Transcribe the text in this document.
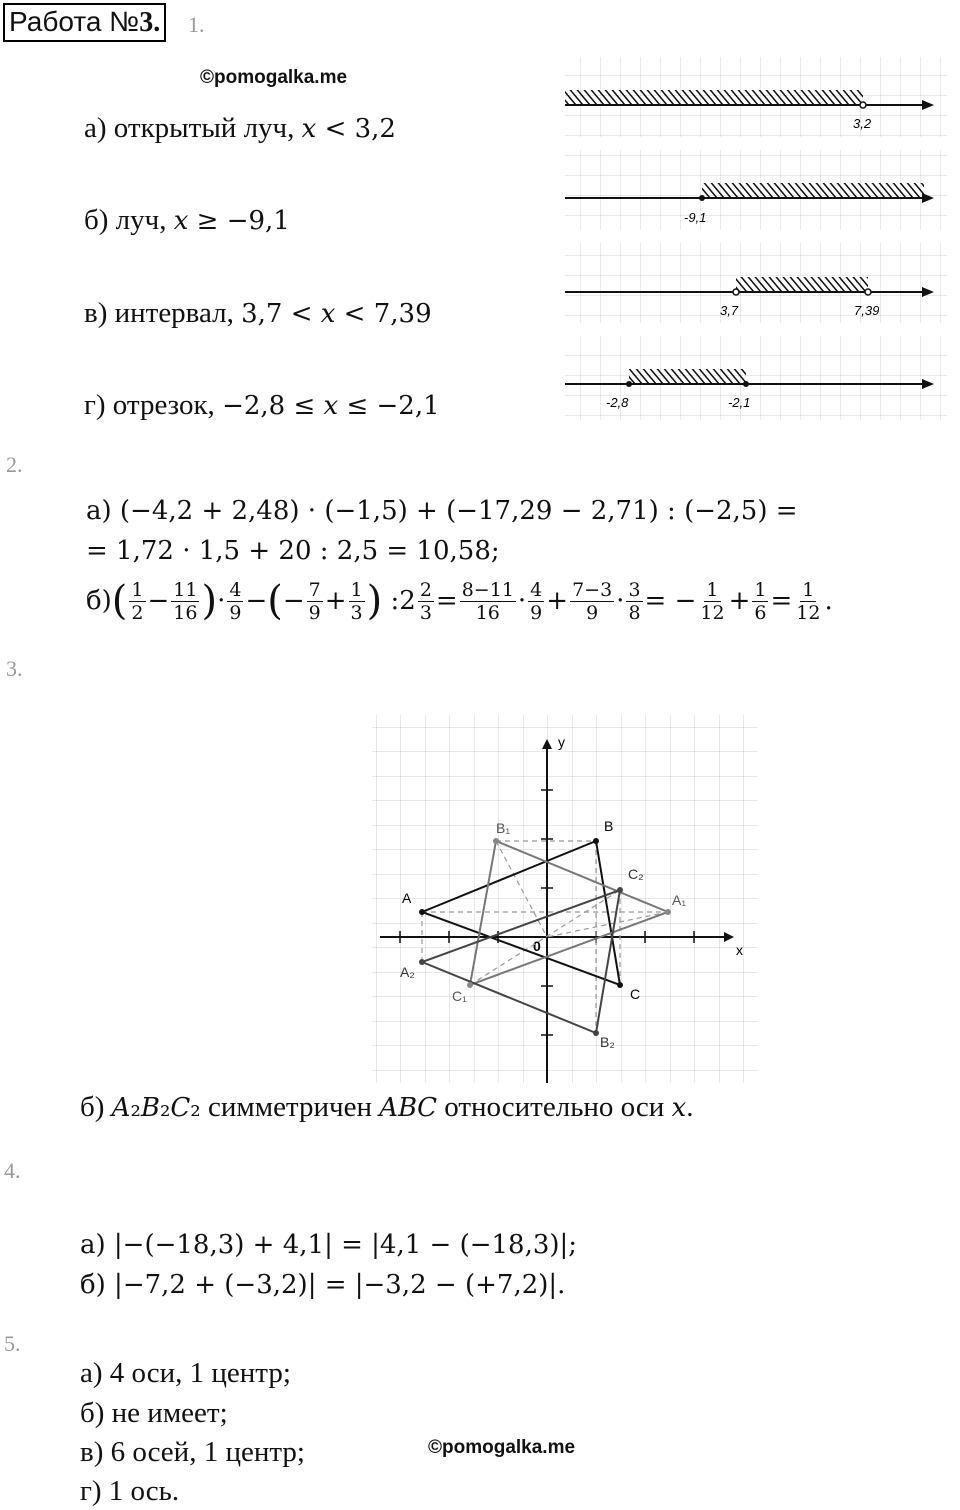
Работа №3. 1.
©pomogalka.me
а) открытый луч, 𝑥 < 3,2
б) луч, 𝑥 ≥ −9,1
в) интервал, 3,7 < 𝑥 < 7,39
г) отрезок, −2,8 ≤ 𝑥 ≤ −2,1
3,2
-9,1
3,7	7,39
-2,8	-2,1
2.
а) (−4,2 + 2,48) · (−1,5) + (−17,29 − 2,71) : (−2,5) =
= 1,72 · 1,5 + 20 : 2,5 = 10,58;
б) ( $\frac{1}{2} - \frac{11}{16}$ ) · $\frac{4}{9}$ − ( − $\frac{7}{9} + \frac{1}{3}$ ) : $2 \frac{2}{3} = \frac{8-11}{16} \cdot \frac{4}{9} + \frac{7-3}{9} \cdot \frac{3}{8}$ = − $\frac{1}{12} + \frac{1}{6} = \frac{1}{12}$ .
3.
x
y
0
A
B
C
A₁
B₁
C₁
A₂
B₂
C₂
б) 𝐴₂𝐵₂𝐶₂ симметричен 𝐴𝐵𝐶 относительно оси 𝑥.
4.
а) |−(−18,3) + 4,1| = |4,1 − (−18,3)|;
б) |−7,2 + (−3,2)| = |−3,2 − (+7,2)|.
5.
а) 4 оси, 1 центр;
б) не имеет;
в) 6 осей, 1 центр;
г) 1 ось.
©pomogalka.me
